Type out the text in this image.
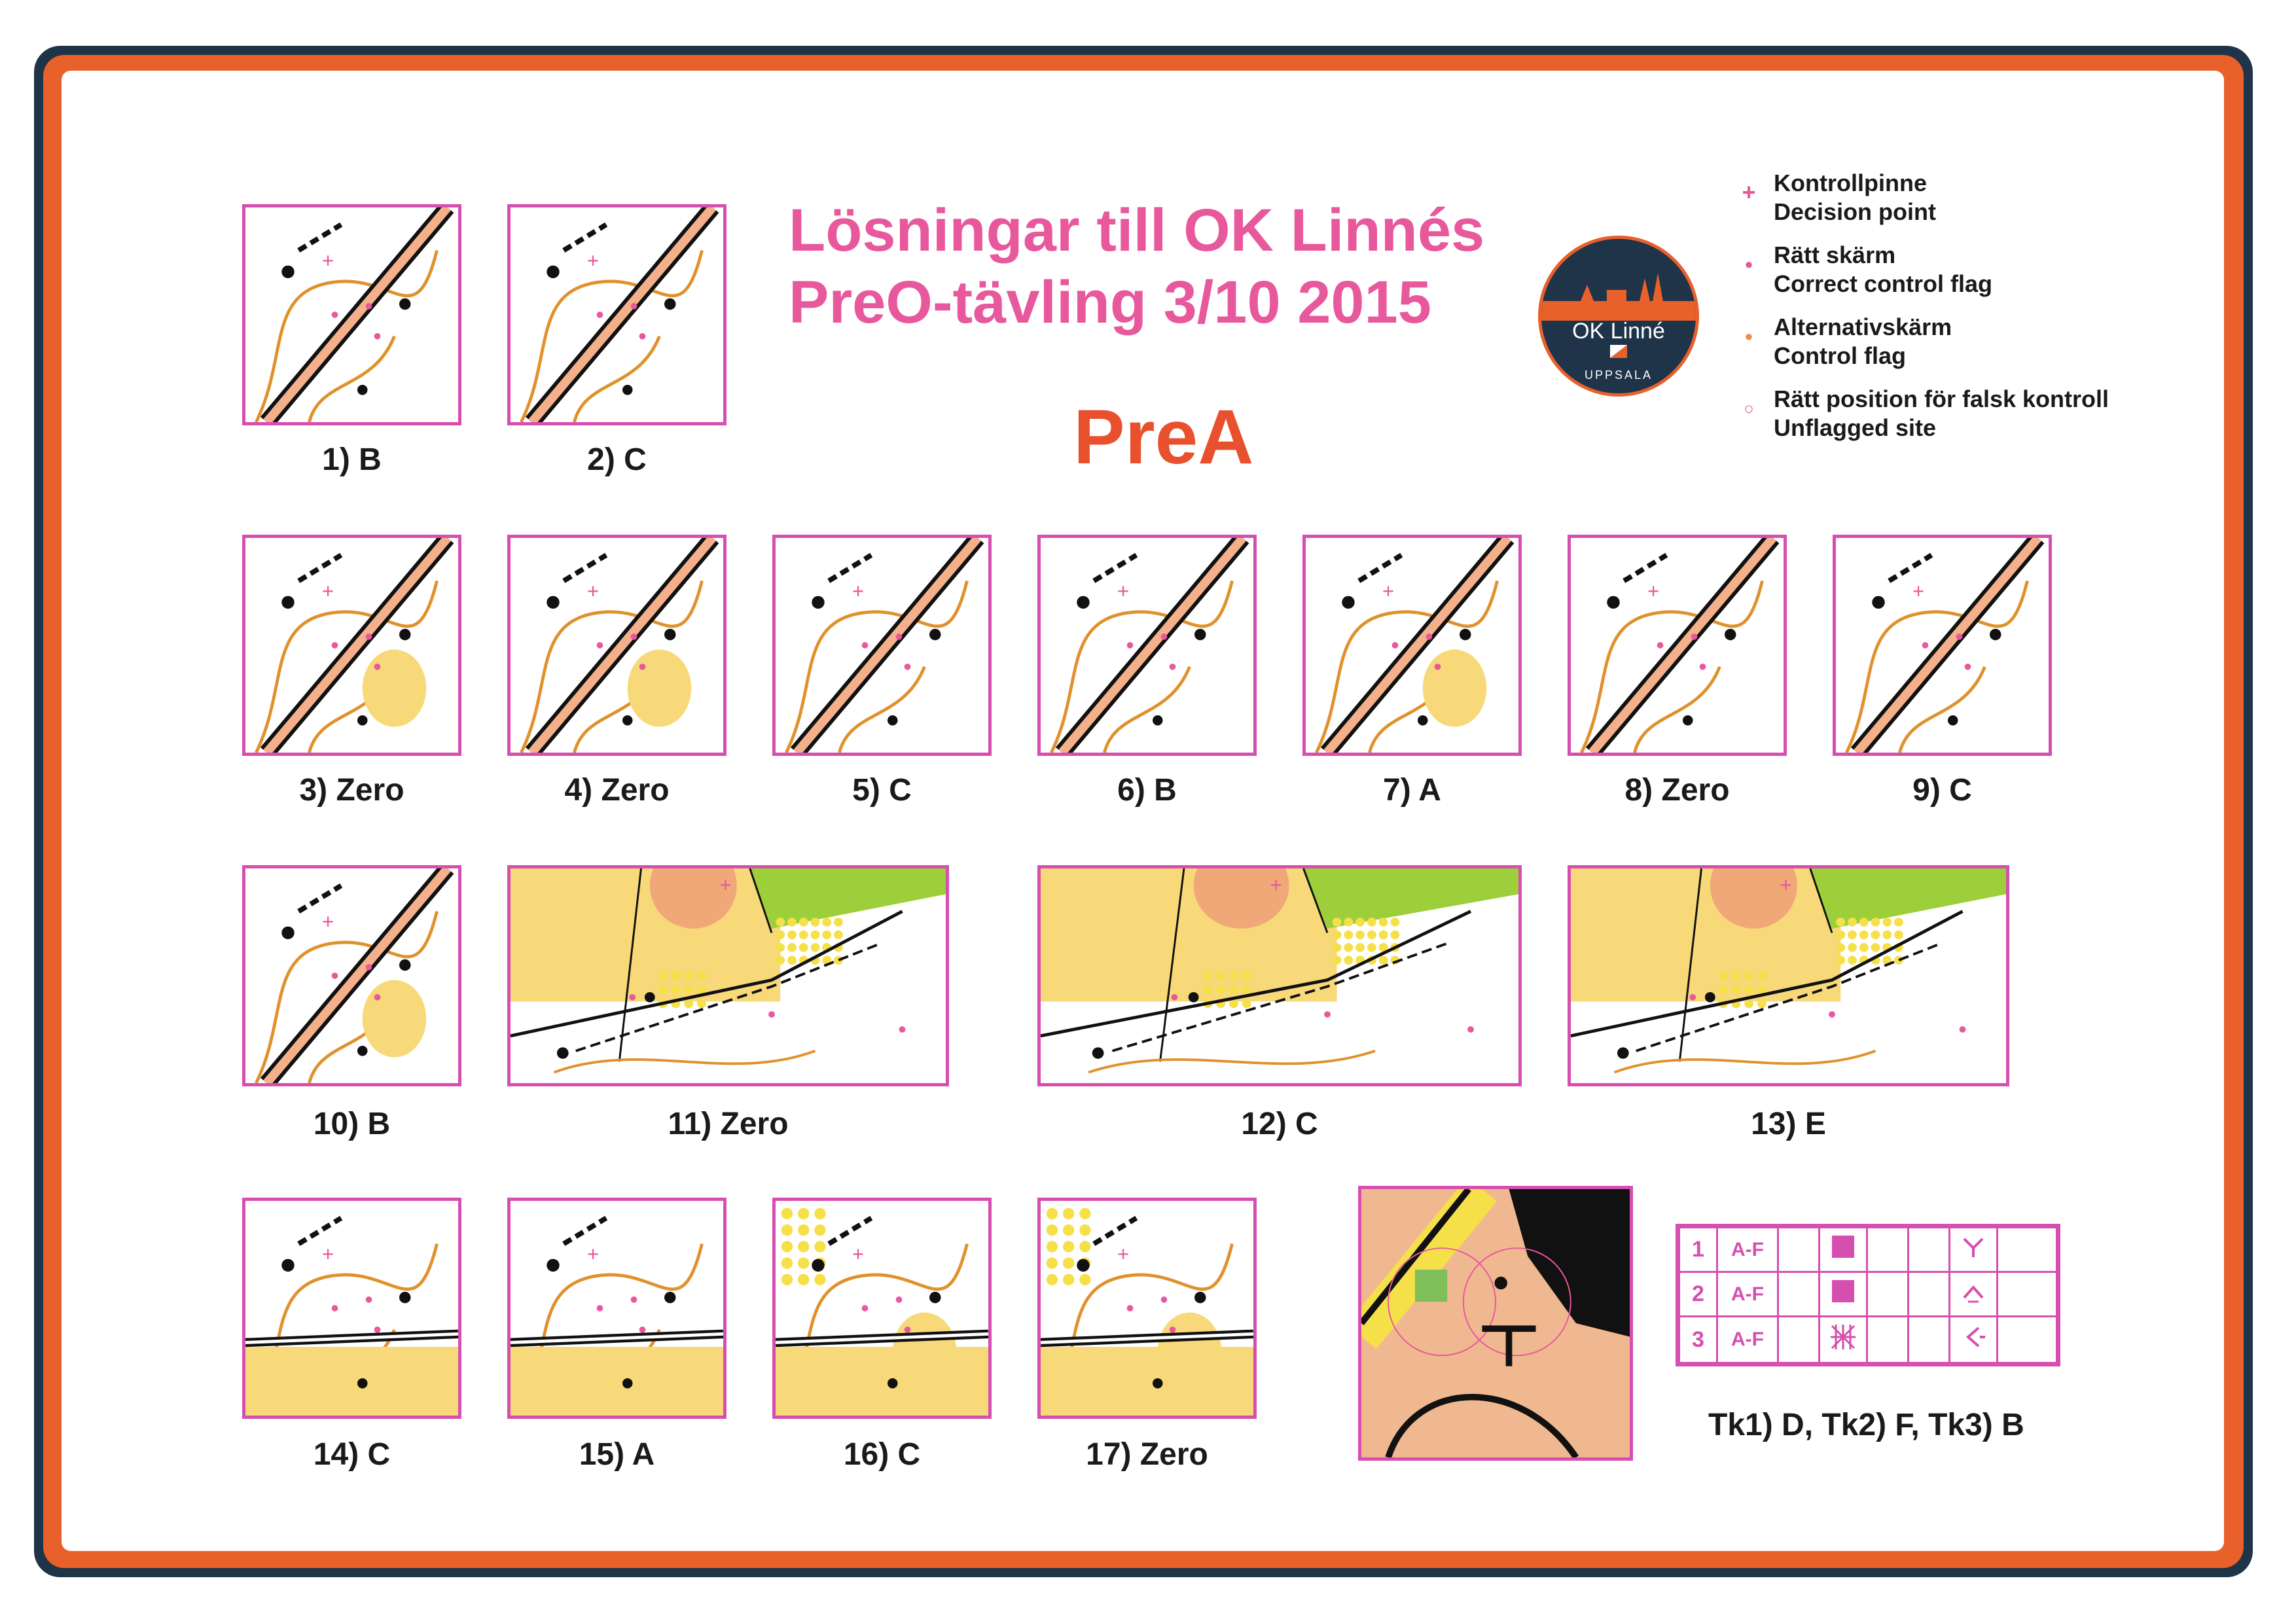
Lösningar till OK Linnés
PreO-tävling 3/10 2015
PreA
OK Linné
UPPSALA
+ Kontrollpinne
Decision point
● Rätt skärm
Correct control flag
● Alternativskärm
Control flag
○ Rätt position för falsk kontroll
Unflagged site
+	+
+	+	+	+	+	+	+
+
+	+	+
+	+	+	+
1) B	2) C
3) Zero	4) Zero	5) C	6) B	7) A	8) Zero	9) C
10) B	11) Zero	12) C	13) E
14) C	15) A	16) C	17) Zero
1	A-F						
2	A-F						
3	A-F						
Tk1) D, Tk2) F, Tk3) B
